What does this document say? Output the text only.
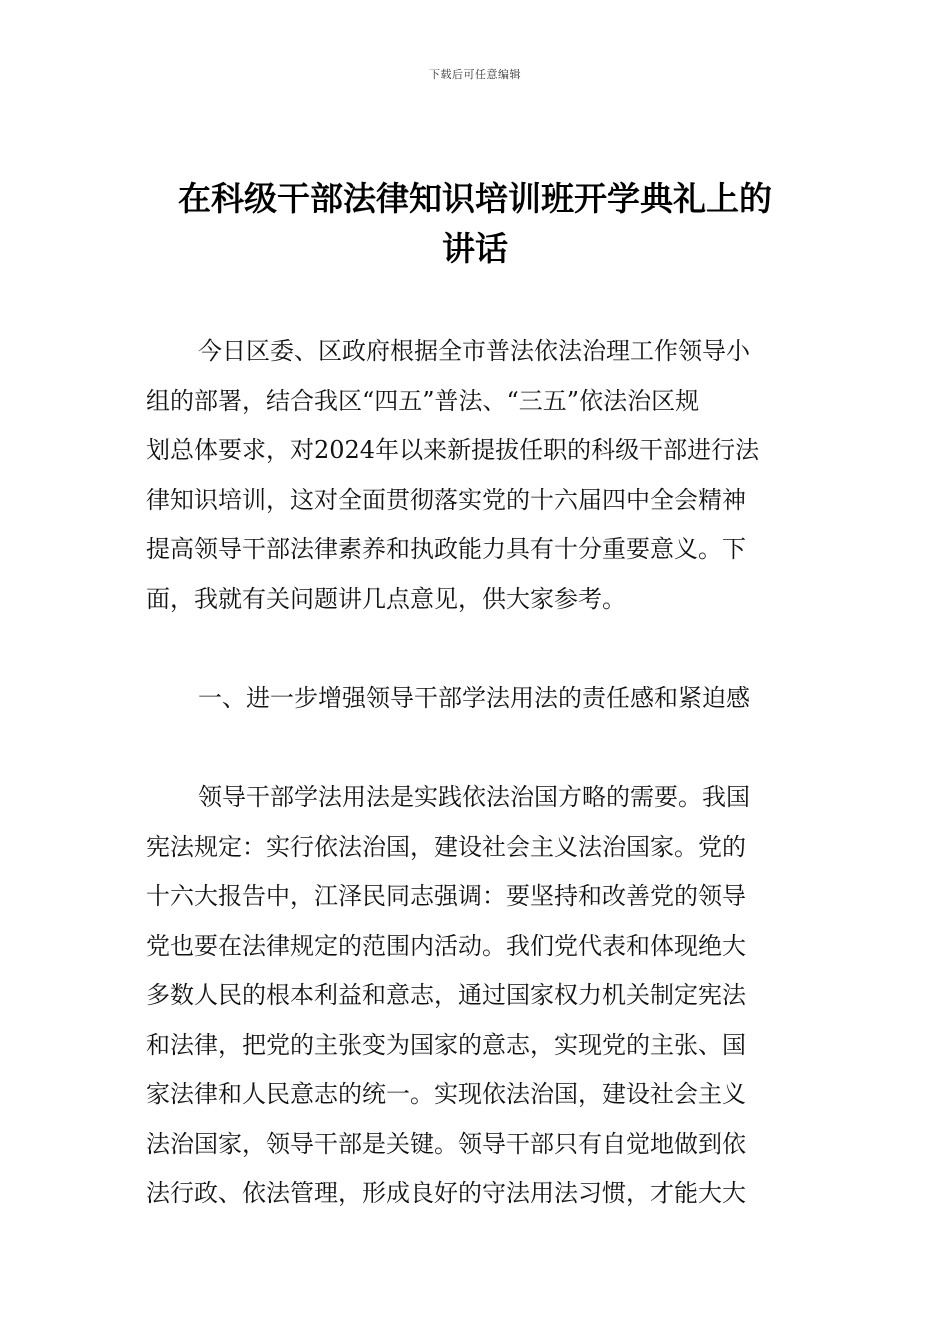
下载后可任意编辑
在科级干部法律知识培训班开学典礼上的
讲话
今日区委、区政府根据全市普法依法治理工作领导小
组的部署，结合我区“四五”普法、“三五”依法治区规
划总体要求，对2024年以来新提拔任职的科级干部进行法
律知识培训，这对全面贯彻落实党的十六届四中全会精神
提高领导干部法律素养和执政能力具有十分重要意义。下
面，我就有关问题讲几点意见，供大家参考。
一、进一步增强领导干部学法用法的责任感和紧迫感
领导干部学法用法是实践依法治国方略的需要。我国
宪法规定：实行依法治国，建设社会主义法治国家。党的
十六大报告中，江泽民同志强调：要坚持和改善党的领导
党也要在法律规定的范围内活动。我们党代表和体现绝大
多数人民的根本利益和意志，通过国家权力机关制定宪法
和法律，把党的主张变为国家的意志，实现党的主张、国
家法律和人民意志的统一。实现依法治国，建设社会主义
法治国家，领导干部是关键。领导干部只有自觉地做到依
法行政、依法管理，形成良好的守法用法习惯，才能大大
